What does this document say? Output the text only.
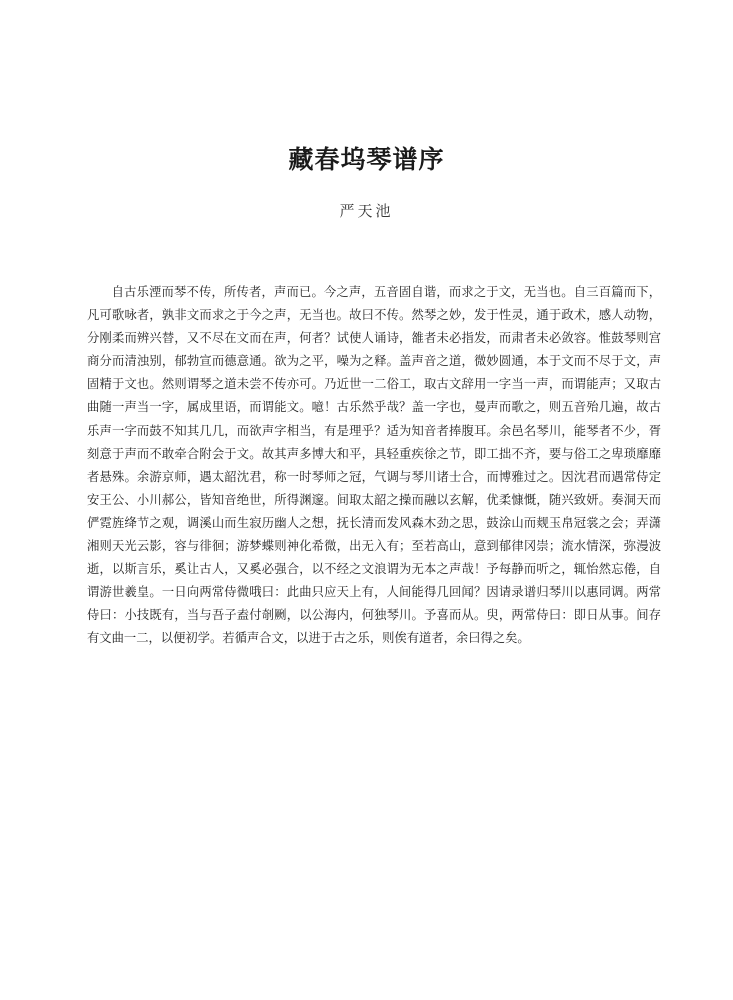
藏春坞琴谱序
严天池

自古乐湮而琴不传，所传者，声而已。今之声，五音固自谐，而求之于文，无当也。自三百篇而下，凡可歌咏者，孰非文而求之于今之声，无当也。故曰不传。然琴之妙，发于性灵，通于政术，感人动物，分刚柔而辨兴替，又不尽在文而在声，何者？试使人诵诗，雒者未必指发，而肃者未必敛容。惟鼓琴则宫商分而清浊别，郁勃宣而德意通。欲为之平，噪为之释。盖声音之道，微妙圆通，本于文而不尽于文，声固精于文也。然则谓琴之道未尝不传亦可。乃近世一二俗工，取古文辞用一字当一声，而谓能声；又取古曲随一声当一字，属成里语，而谓能文。噫！古乐然乎哉？盖一字也，曼声而歌之，则五音殆几遍，故古乐声一字而鼓不知其几几，而欲声字相当，有是理乎？适为知音者捧腹耳。余邑名琴川，能琴者不少，胥刻意于声而不敢牵合附会于文。故其声多博大和平，具轻重疾徐之节，即工拙不齐，要与俗工之卑琐靡靡者悬殊。余游京师，遇太韶沈君，称一时琴师之冠，气调与琴川诸士合，而博雅过之。因沈君而遇常侍定安王公、小川郝公，皆知音绝世，所得渊邃。间取太韶之操而融以玄解，优柔慷慨，随兴致妍。奏洞天而俨霓旌绛节之观，调溪山而生寂历幽人之想，抚长清而发风森木劲之思，鼓涂山而觌玉帛冠裳之会；弄潇湘则天光云影，容与徘徊；游梦蝶则神化希微，出无入有；至若高山，意到郁律冈崇；流水情深，弥漫波逝，以斯言乐，奚让古人，又奚必强合，以不经之文浪谓为无本之声哉！予每静而听之，辄怡然忘倦，自谓游世羲皇。一日向两常侍微哦曰：此曲只应天上有，人间能得几回闻？因请录谱归琴川以惠同调。两常侍曰：小技既有，当与吾子盍付剞劂，以公海内，何独琴川。予喜而从。臾，两常侍曰：即日从事。间存有文曲一二，以便初学。若循声合文，以进于古之乐，则俟有道者，余曰得之矣。
